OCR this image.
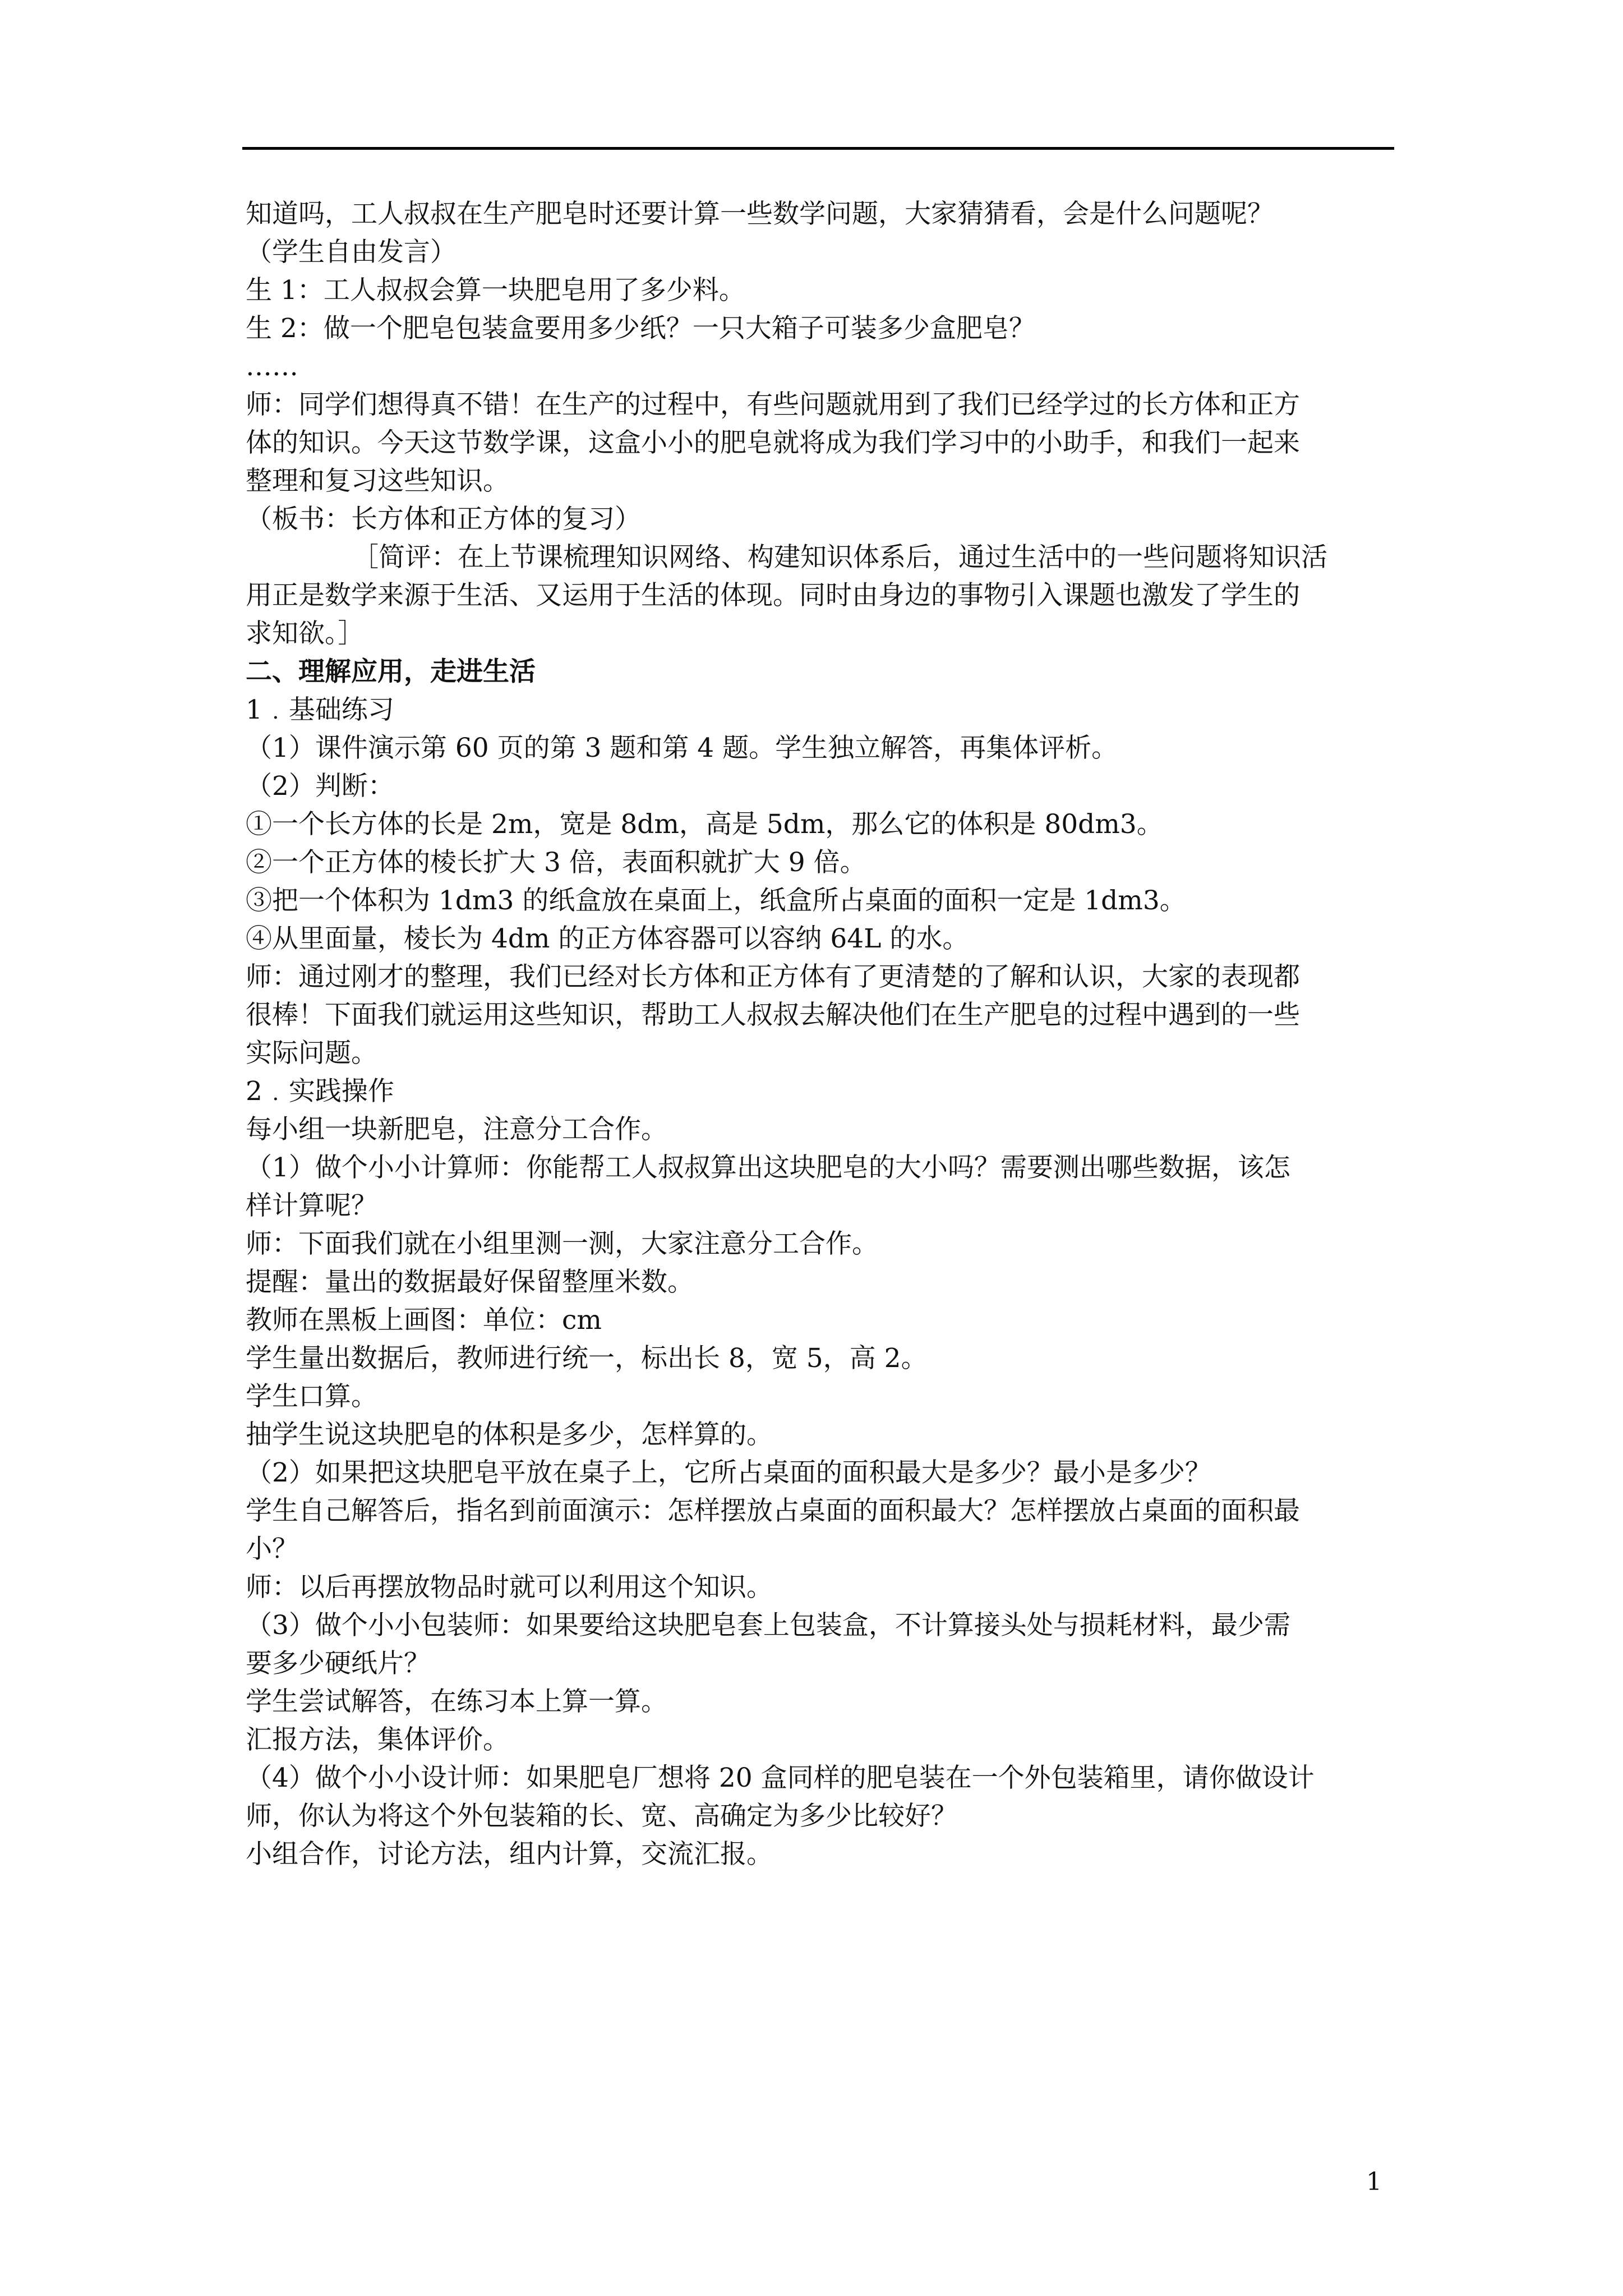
知道吗，工人叔叔在生产肥皂时还要计算一些数学问题，大家猜猜看，会是什么问题呢？
（学生自由发言）
生 1：工人叔叔会算一块肥皂用了多少料。
生 2：做一个肥皂包装盒要用多少纸？一只大箱子可装多少盒肥皂？
……
师：同学们想得真不错！在生产的过程中，有些问题就用到了我们已经学过的长方体和正方
体的知识。今天这节数学课，这盒小小的肥皂就将成为我们学习中的小助手，和我们一起来
整理和复习这些知识。
（板书：长方体和正方体的复习）
［简评：在上节课梳理知识网络、构建知识体系后，通过生活中的一些问题将知识活
用正是数学来源于生活、又运用于生活的体现。同时由身边的事物引入课题也激发了学生的
求知欲。］
二、理解应用，走进生活
1﹒基础练习
（1）课件演示第 60 页的第 3 题和第 4 题。学生独立解答，再集体评析。
（2）判断：
①一个长方体的长是 2m，宽是 8dm，高是 5dm，那么它的体积是 80dm3。
②一个正方体的棱长扩大 3 倍，表面积就扩大 9 倍。
③把一个体积为 1dm3 的纸盒放在桌面上，纸盒所占桌面的面积一定是 1dm3。
④从里面量，棱长为 4dm 的正方体容器可以容纳 64L 的水。
师：通过刚才的整理，我们已经对长方体和正方体有了更清楚的了解和认识，大家的表现都
很棒！下面我们就运用这些知识，帮助工人叔叔去解决他们在生产肥皂的过程中遇到的一些
实际问题。
2﹒实践操作
每小组一块新肥皂，注意分工合作。
（1）做个小小计算师：你能帮工人叔叔算出这块肥皂的大小吗？需要测出哪些数据，该怎
样计算呢？
师：下面我们就在小组里测一测，大家注意分工合作。
提醒：量出的数据最好保留整厘米数。
教师在黑板上画图：单位：cm
学生量出数据后，教师进行统一，标出长 8，宽 5，高 2。
学生口算。
抽学生说这块肥皂的体积是多少，怎样算的。
（2）如果把这块肥皂平放在桌子上，它所占桌面的面积最大是多少？最小是多少？
学生自己解答后，指名到前面演示：怎样摆放占桌面的面积最大？怎样摆放占桌面的面积最
小？
师：以后再摆放物品时就可以利用这个知识。
（3）做个小小包装师：如果要给这块肥皂套上包装盒，不计算接头处与损耗材料，最少需
要多少硬纸片？
学生尝试解答，在练习本上算一算。
汇报方法，集体评价。
（4）做个小小设计师：如果肥皂厂想将 20 盒同样的肥皂装在一个外包装箱里，请你做设计
师，你认为将这个外包装箱的长、宽、高确定为多少比较好？
小组合作，讨论方法，组内计算，交流汇报。
1
